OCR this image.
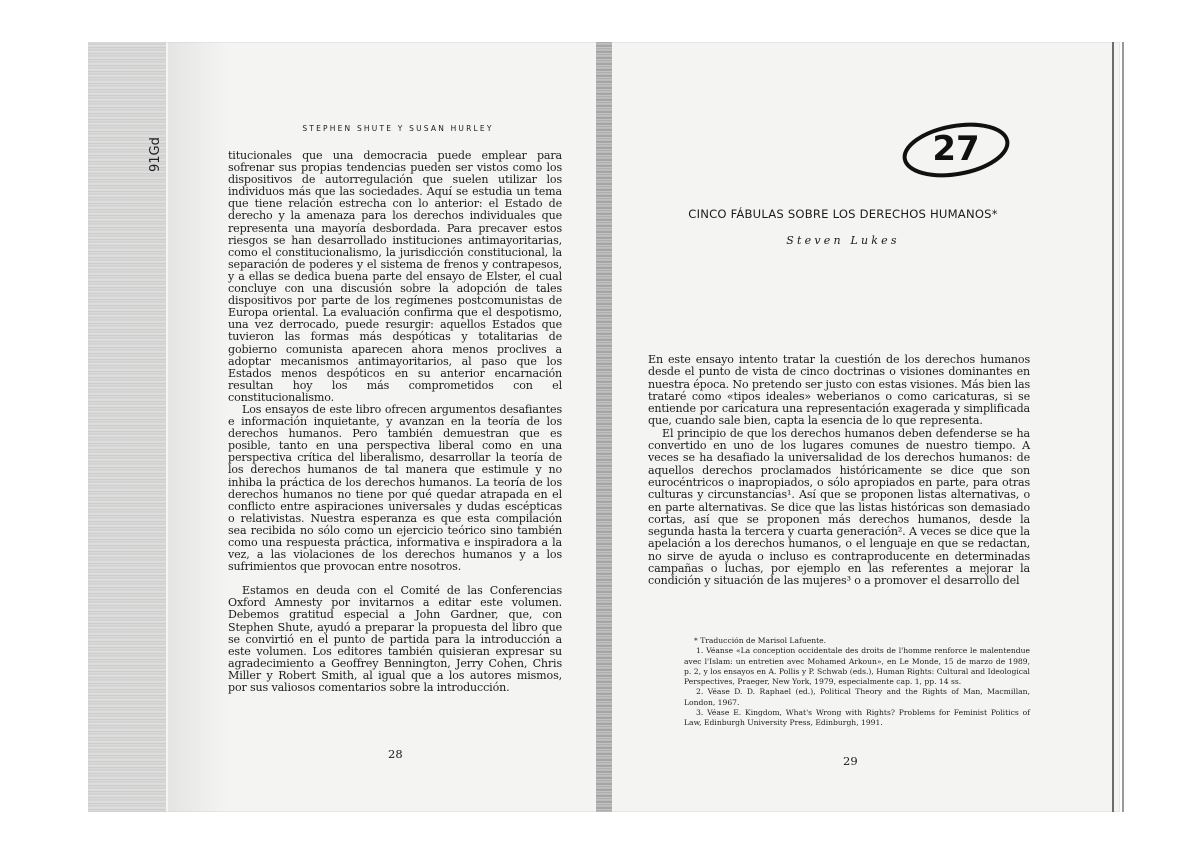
91Gd
STEPHEN SHUTE Y SUSAN HURLEY

titucionales que una democracia puede emplear para sofrenar sus propias tendencias pueden ser vistos como los dispositivos de autorregulación que suelen utilizar los individuos más que las sociedades. Aquí se estudia un tema que tiene relación estrecha con lo anterior: el Estado de derecho y la amenaza para los derechos individuales que representa una mayoría desbordada. Para precaver estos riesgos se han desarrollado instituciones antimayoritarias, como el constitucionalismo, la jurisdicción constitucional, la separación de poderes y el sistema de frenos y contrapesos, y a ellas se dedica buena parte del ensayo de Elster, el cual concluye con una discusión sobre la adopción de tales dispositivos por parte de los regímenes postcomunistas de Europa oriental. La evaluación confirma que el despotismo, una vez derrocado, puede resurgir: aquellos Estados que tuvieron las formas más despóticas y totalitarias de gobierno comunista aparecen ahora menos proclives a adoptar mecanismos antimayoritarios, al paso que los Estados menos despóticos en su anterior encarnación resultan hoy los más comprometidos con el constitucionalismo.

Los ensayos de este libro ofrecen argumentos desafiantes e información inquietante, y avanzan en la teoría de los derechos humanos. Pero también demuestran que es posible, tanto en una perspectiva liberal como en una perspectiva crítica del liberalismo, desarrollar la teoría de los derechos humanos de tal manera que estimule y no inhiba la práctica de los derechos humanos. La teoría de los derechos humanos no tiene por qué quedar atrapada en el conflicto entre aspiraciones universales y dudas escépticas o relativistas. Nuestra esperanza es que esta compilación sea recibida no sólo como un ejercicio teórico sino también como una respuesta práctica, informativa e inspiradora a la vez, a las violaciones de los derechos humanos y a los sufrimientos que provocan entre nosotros.

Estamos en deuda con el Comité de las Conferencias Oxford Amnesty por invitarnos a editar este volumen. Debemos gratitud especial a John Gardner, que, con Stephen Shute, ayudó a preparar la propuesta del libro que se convirtió en el punto de partida para la introducción a este volumen. Los editores también quisieran expresar su agradecimiento a Geoffrey Bennington, Jerry Cohen, Chris Miller y Robert Smith, al igual que a los autores mismos, por sus valiosos comentarios sobre la introducción.

28
27
CINCO FÁBULAS SOBRE LOS DERECHOS HUMANOS*
Steven Lukes

En este ensayo intento tratar la cuestión de los derechos humanos desde el punto de vista de cinco doctrinas o visiones dominantes en nuestra época. No pretendo ser justo con estas visiones. Más bien las trataré como «tipos ideales» weberianos o como caricaturas, si se entiende por caricatura una representación exagerada y simplificada que, cuando sale bien, capta la esencia de lo que representa.

El principio de que los derechos humanos deben defenderse se ha convertido en uno de los lugares comunes de nuestro tiempo. A veces se ha desafiado la universalidad de los derechos humanos: de aquellos derechos proclamados históricamente se dice que son eurocéntricos o inapropiados, o sólo apropiados en parte, para otras culturas y circunstancias¹. Así que se proponen listas alternativas, o en parte alternativas. Se dice que las listas históricas son demasiado cortas, así que se proponen más derechos humanos, desde la segunda hasta la tercera y cuarta generación². A veces se dice que la apelación a los derechos humanos, o el lenguaje en que se redactan, no sirve de ayuda o incluso es contraproducente en determinadas campañas o luchas, por ejemplo en las referentes a mejorar la condición y situación de las mujeres³ o a promover el desarrollo del

* Traducción de Marisol Lafuente.

1. Véanse «La conception occidentale des droits de l'homme renforce le malentendue avec l'Islam: un entretien avec Mohamed Arkoun», en Le Monde, 15 de marzo de 1989, p. 2, y los ensayos en A. Pollis y P. Schwab (eds.), Human Rights: Cultural and Ideological Perspectives, Praeger, New York, 1979, especialmente cap. 1, pp. 14 ss.

2. Véase D. D. Raphael (ed.), Political Theory and the Rights of Man, Macmillan, London, 1967.

3. Véase E. Kingdom, What's Wrong with Rights? Problems for Feminist Politics of Law, Edinburgh University Press, Edinburgh, 1991.

29
